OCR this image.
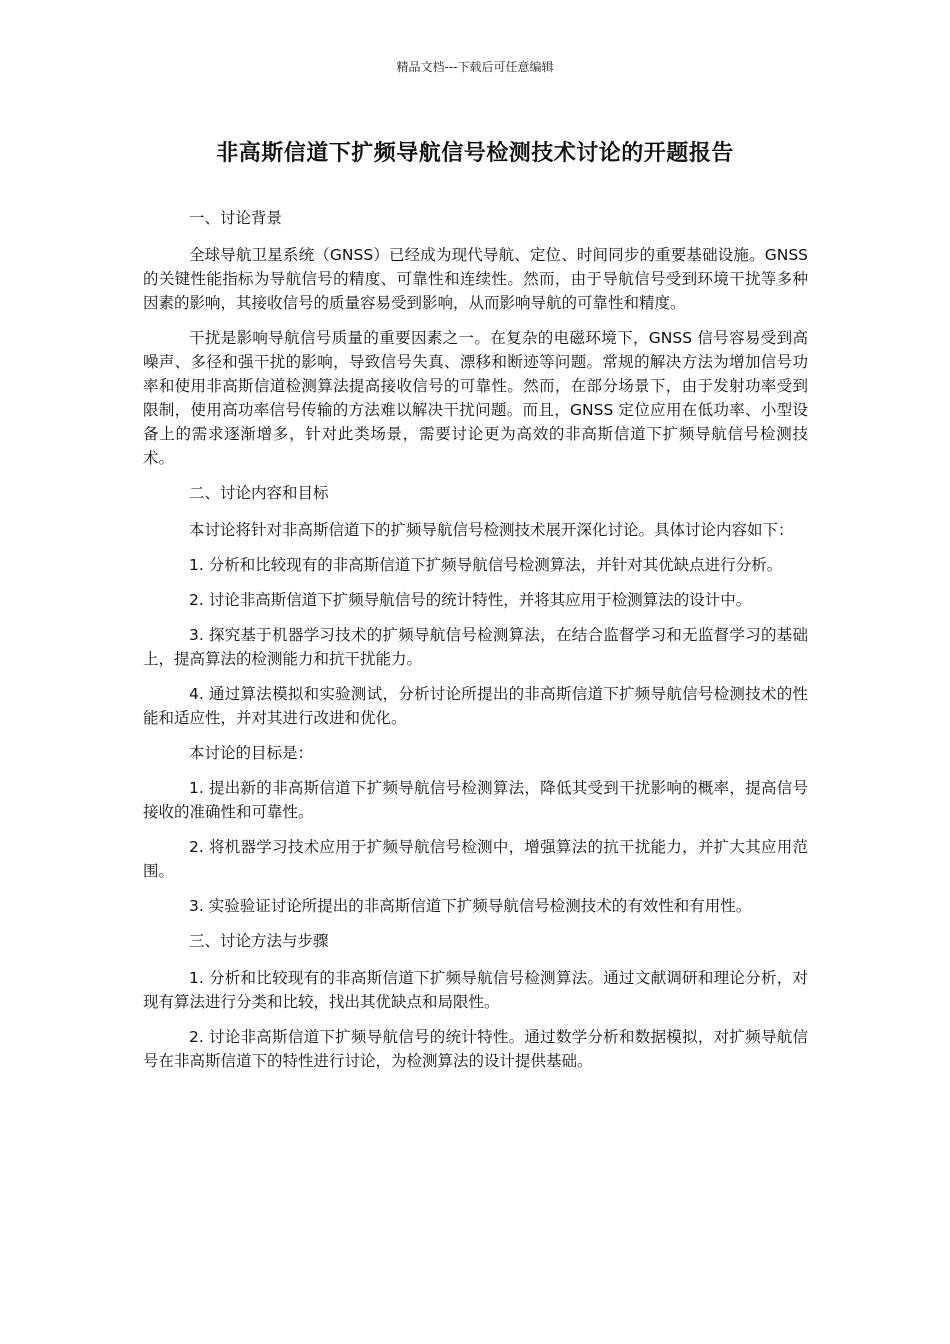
精品文档---下载后可任意编辑
非高斯信道下扩频导航信号检测技术讨论的开题报告

一、讨论背景

全球导航卫星系统（GNSS）已经成为现代导航、定位、时间同步的重要基础设施。GNSS 的关键性能指标为导航信号的精度、可靠性和连续性。然而，由于导航信号受到环境干扰等多种因素的影响，其接收信号的质量容易受到影响，从而影响导航的可靠性和精度。

干扰是影响导航信号质量的重要因素之一。在复杂的电磁环境下，GNSS 信号容易受到高噪声、多径和强干扰的影响，导致信号失真、漂移和断迹等问题。常规的解决方法为增加信号功率和使用非高斯信道检测算法提高接收信号的可靠性。然而，在部分场景下，由于发射功率受到限制，使用高功率信号传输的方法难以解决干扰问题。而且，GNSS 定位应用在低功率、小型设备上的需求逐渐增多，针对此类场景，需要讨论更为高效的非高斯信道下扩频导航信号检测技术。

二、讨论内容和目标

本讨论将针对非高斯信道下的扩频导航信号检测技术展开深化讨论。具体讨论内容如下：

1. 分析和比较现有的非高斯信道下扩频导航信号检测算法，并针对其优缺点进行分析。

2. 讨论非高斯信道下扩频导航信号的统计特性，并将其应用于检测算法的设计中。

3. 探究基于机器学习技术的扩频导航信号检测算法，在结合监督学习和无监督学习的基础上，提高算法的检测能力和抗干扰能力。

4. 通过算法模拟和实验测试，分析讨论所提出的非高斯信道下扩频导航信号检测技术的性能和适应性，并对其进行改进和优化。

本讨论的目标是：

1. 提出新的非高斯信道下扩频导航信号检测算法，降低其受到干扰影响的概率，提高信号接收的准确性和可靠性。

2. 将机器学习技术应用于扩频导航信号检测中，增强算法的抗干扰能力，并扩大其应用范围。

3. 实验验证讨论所提出的非高斯信道下扩频导航信号检测技术的有效性和有用性。

三、讨论方法与步骤

1. 分析和比较现有的非高斯信道下扩频导航信号检测算法。通过文献调研和理论分析，对现有算法进行分类和比较，找出其优缺点和局限性。

2. 讨论非高斯信道下扩频导航信号的统计特性。通过数学分析和数据模拟，对扩频导航信号在非高斯信道下的特性进行讨论，为检测算法的设计提供基础。
